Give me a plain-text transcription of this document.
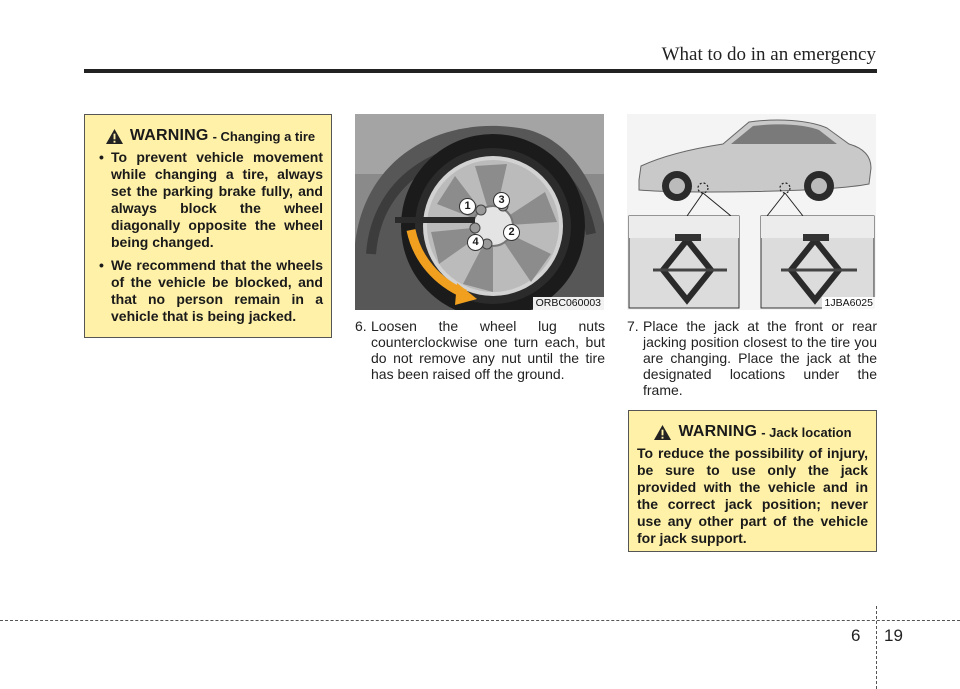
What to do in an emergency
WARNING - Changing a tire
• To prevent vehicle movement while changing a tire, always set the parking brake fully, and always block the wheel diagonally opposite the wheel being changed.
• We recommend that the wheels of the vehicle be blocked, and that no person remain in a vehicle that is being jacked.
1
2
3
4
ORBC060003	1JBA6025
6. Loosen the wheel lug nuts counterclockwise one turn each, but do not remove any nut until the tire has been raised off the ground.
7. Place the jack at the front or rear jacking position closest to the tire you are changing. Place the jack at the designated locations under the frame.
WARNING - Jack location

To reduce the possibility of injury, be sure to use only the jack provided with the vehicle and in the correct jack position; never use any other part of the vehicle for jack support.

6 19
